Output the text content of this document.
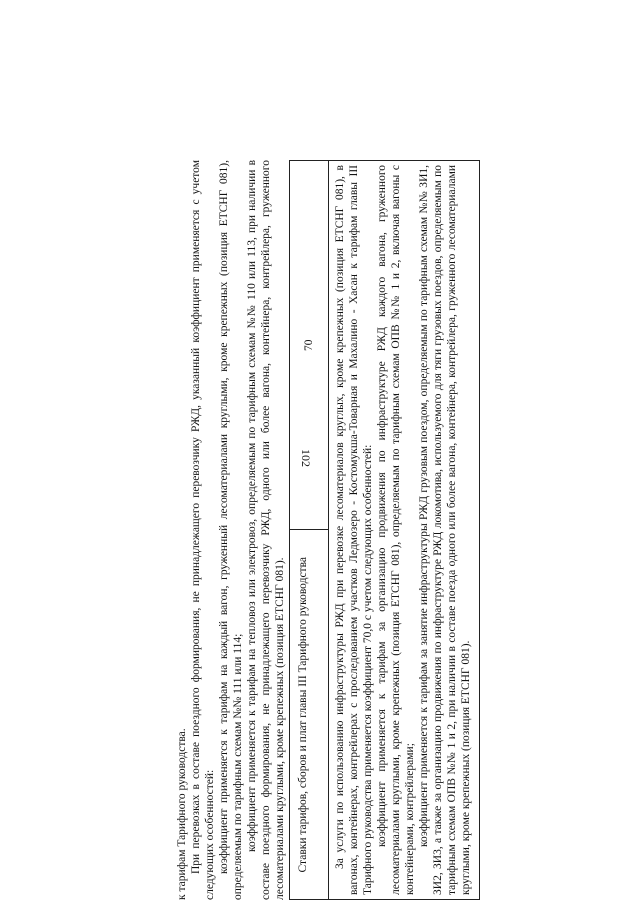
102

к тарифам Тарифного руководства. При перевозках в составе поездного формирования, не принадлежащего перевозчику РЖД, указанный коэффициент применяется с учетом следующих особенностей: коэффициент применяется к тарифам на каждый вагон, груженный лесоматериалами круглыми, кроме крепежных (позиция ЕТСНГ 081), определяемым по тарифным схемам №№ 111 или 114; коэффициент применяется к тарифам на тепловоз или электровоз, определяемым по тарифным схемам №№ 110 или 113, при наличии в составе поездного формирования, не принадлежащего перевозчику РЖД, одного или более вагона, контейнера, контрейлера, груженного лесоматериалами круглыми, кроме крепежных (позиция ЕТСНГ 081). Ставки тарифов, сборов и плат главы III Тарифного руководства
70	За услуги по использованию инфраструктуры РЖД при перевозке лесоматериалов круглых, кроме крепежных (позиция ЕТСНГ 081), в вагонах, контейнерах, контрейлерах с проследованием участков Ледмозеро - Костомукша-Товарная и Махалино - Хасан к тарифам главы III Тарифного руководства применяется коэффициент 70,0 с учетом следующих особенностей: коэффициент применяется к тарифам за организацию продвижения по инфраструктуре РЖД каждого вагона, груженного лесоматериалами круглыми, кроме крепежных (позиция ЕТСНГ 081), определяемым по тарифным схемам ОПВ №№ 1 и 2, включая вагоны с контейнерами, контрейлерами; коэффициент применяется к тарифам за занятие инфраструктуры РЖД грузовым поездом, определяемым по тарифным схемам №№ ЗИ1, ЗИ2, ЗИ3, а также за организацию продвижения по инфраструктуре РЖД локомотива, используемого для тяги грузовых поездов, определяемым по тарифным схемам ОПВ №№ 1 и 2, при наличии в составе поезда одного или более вагона, контейнера, контрейлера, груженного лесоматериалами круглыми, кроме крепежных (позиция ЕТСНГ 081).
